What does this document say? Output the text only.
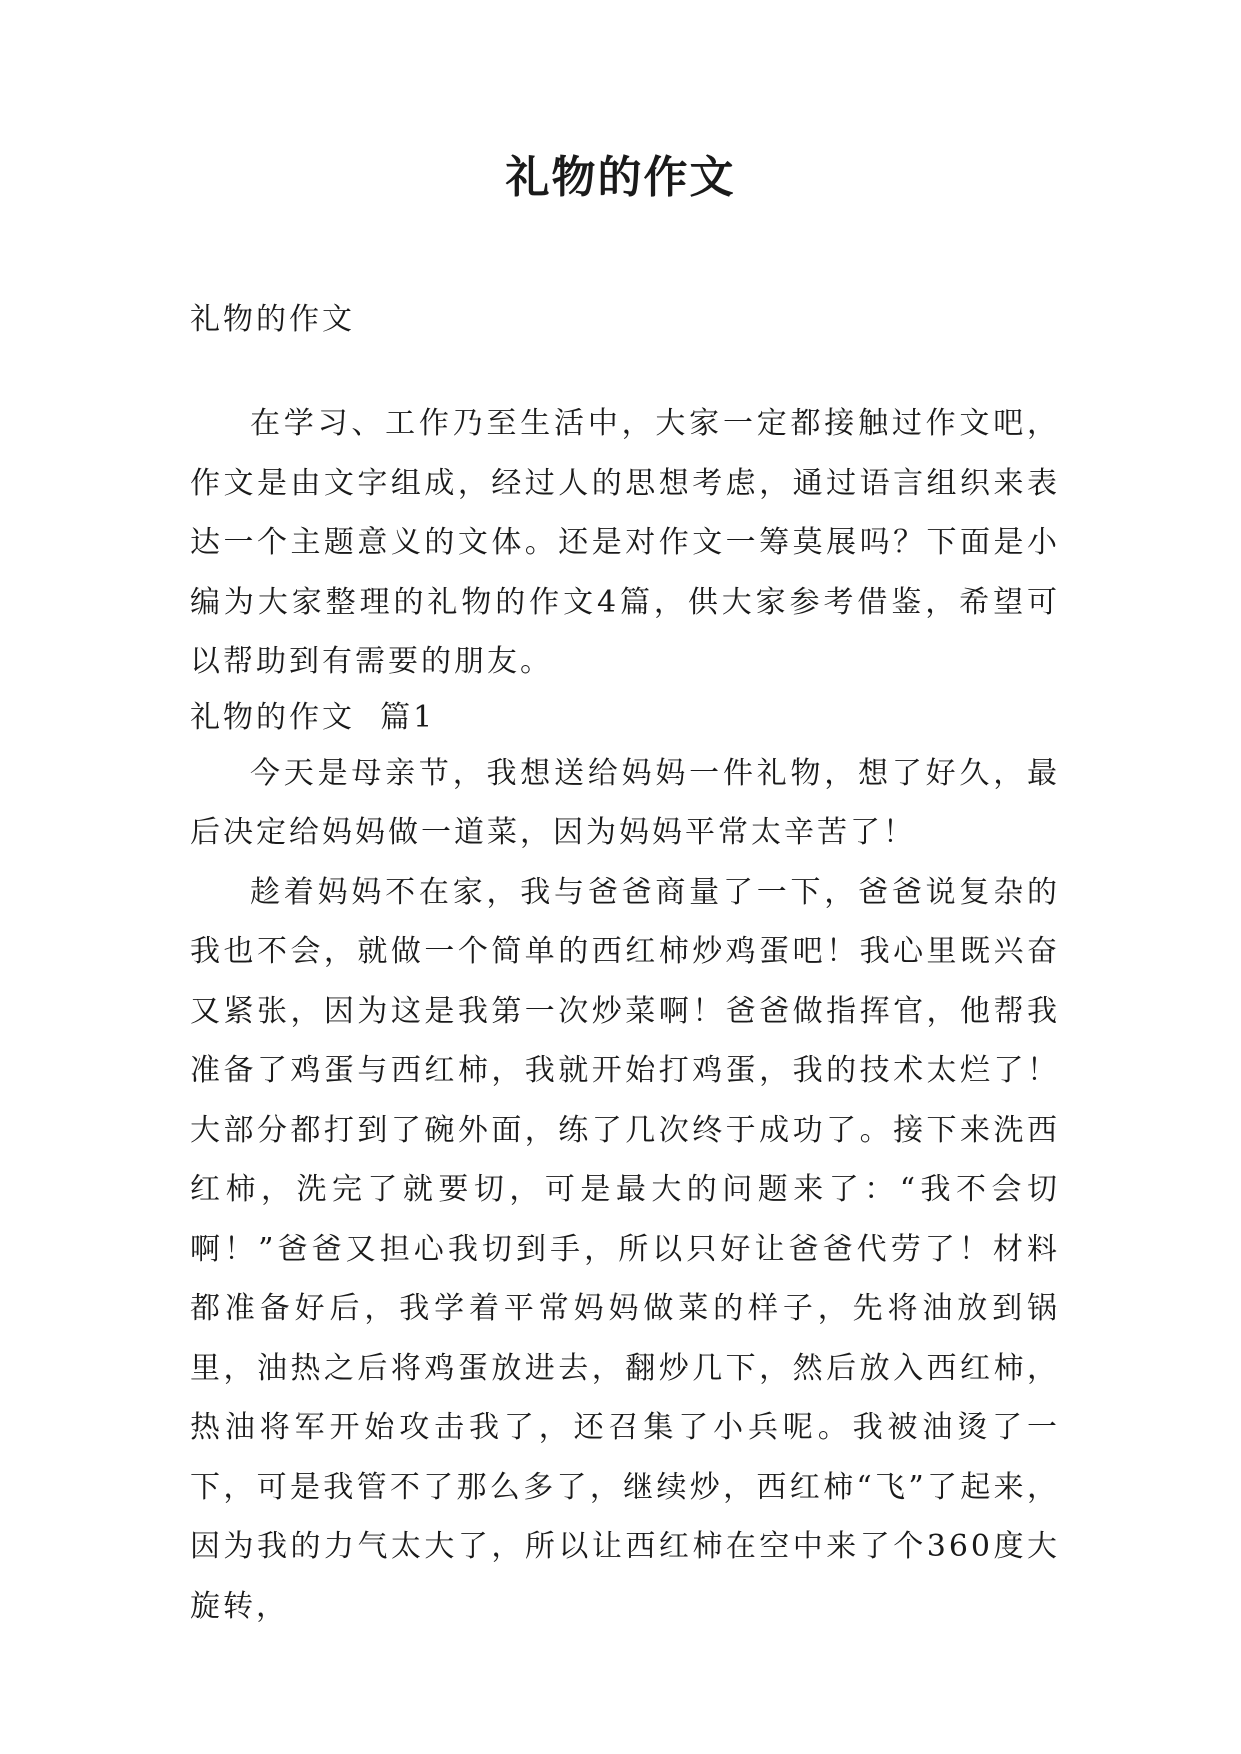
礼物的作文

礼物的作文

在学习、工作乃至生活中，大家一定都接触过作文吧，作文是由文字组成，经过人的思想考虑，通过语言组织来表达一个主题意义的文体。还是对作文一筹莫展吗？下面是小编为大家整理的礼物的作文4篇，供大家参考借鉴，希望可以帮助到有需要的朋友。

礼物的作文  篇1

今天是母亲节，我想送给妈妈一件礼物，想了好久，最后决定给妈妈做一道菜，因为妈妈平常太辛苦了！

趁着妈妈不在家，我与爸爸商量了一下，爸爸说复杂的我也不会，就做一个简单的西红柿炒鸡蛋吧！我心里既兴奋又紧张，因为这是我第一次炒菜啊！爸爸做指挥官，他帮我准备了鸡蛋与西红柿，我就开始打鸡蛋，我的技术太烂了！大部分都打到了碗外面，练了几次终于成功了。接下来洗西红柿，洗完了就要切，可是最大的问题来了：“我不会切啊！”爸爸又担心我切到手，所以只好让爸爸代劳了！材料都准备好后，我学着平常妈妈做菜的样子，先将油放到锅里，油热之后将鸡蛋放进去，翻炒几下，然后放入西红柿，热油将军开始攻击我了，还召集了小兵呢。我被油烫了一下，可是我管不了那么多了，继续炒，西红柿“飞”了起来，因为我的力气太大了，所以让西红柿在空中来了个360度大旋转，
